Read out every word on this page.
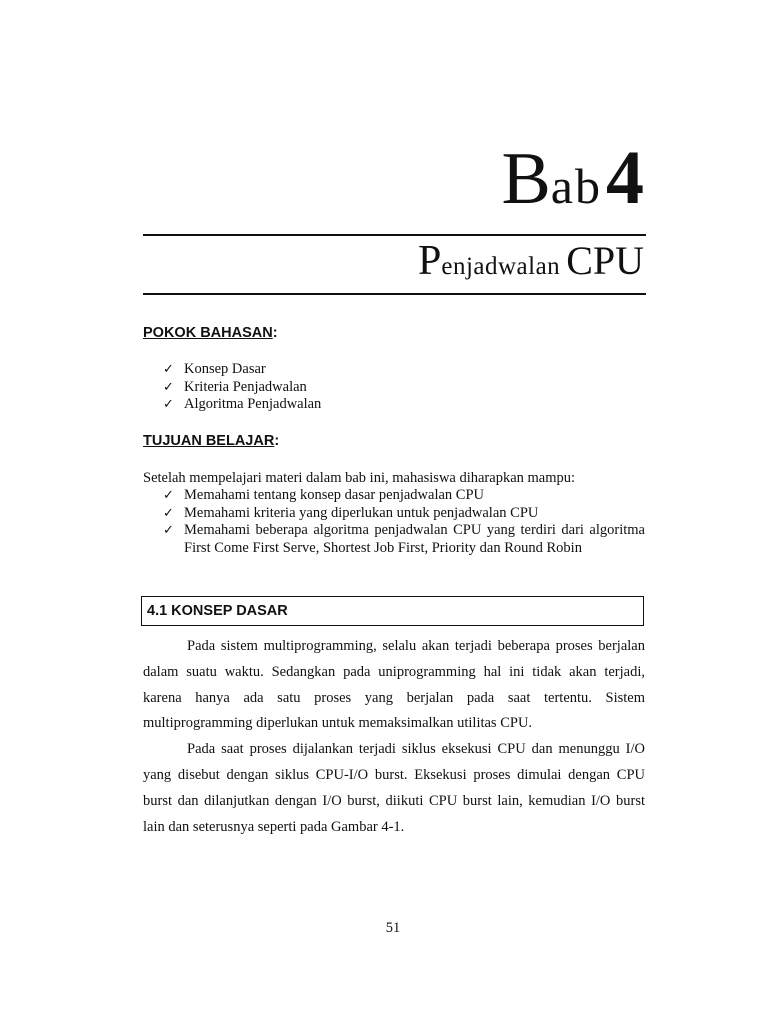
Bab4
Penjadwalan CPU
POKOK BAHASAN:
✓ Konsep Dasar
✓ Kriteria Penjadwalan
✓ Algoritma Penjadwalan
TUJUAN BELAJAR:
Setelah mempelajari materi dalam bab ini, mahasiswa diharapkan mampu:
✓ Memahami tentang konsep dasar penjadwalan CPU
✓ Memahami kriteria yang diperlukan untuk penjadwalan CPU
✓ Memahami beberapa algoritma penjadwalan CPU yang terdiri dari algoritma First Come First Serve, Shortest Job First, Priority dan Round Robin
4.1 KONSEP DASAR

Pada sistem multiprogramming, selalu akan terjadi beberapa proses berjalan dalam suatu waktu. Sedangkan pada uniprogramming hal ini tidak akan terjadi, karena hanya ada satu proses yang berjalan pada saat tertentu. Sistem multiprogramming diperlukan untuk memaksimalkan utilitas CPU.

Pada saat proses dijalankan terjadi siklus eksekusi CPU dan menunggu I/O yang disebut dengan siklus CPU-I/O burst. Eksekusi proses dimulai dengan CPU burst dan dilanjutkan dengan I/O burst, diikuti CPU burst lain, kemudian I/O burst lain dan seterusnya seperti pada Gambar 4-1.

51
